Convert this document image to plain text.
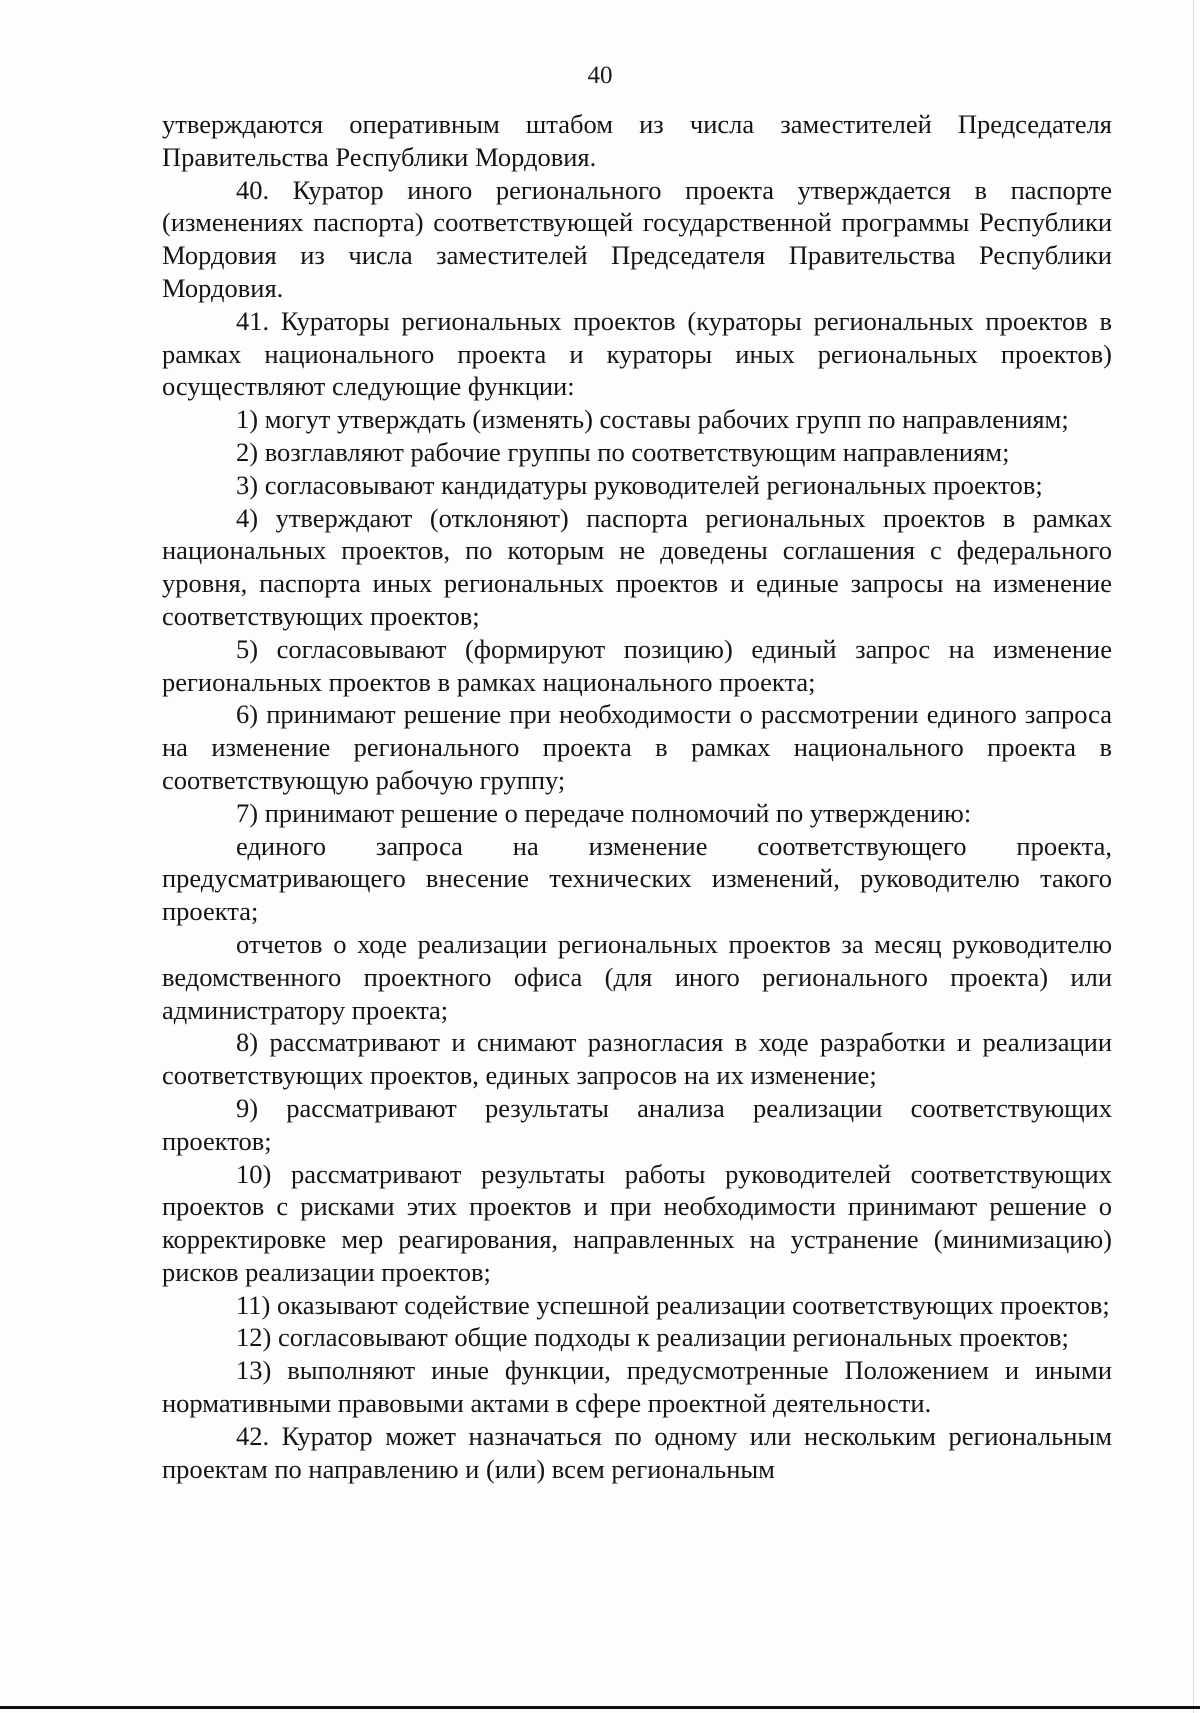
40

утверждаются оперативным штабом из числа заместителей Председателя Правительства Республики Мордовия.

40. Куратор иного регионального проекта утверждается в паспорте (изменениях паспорта) соответствующей государственной программы Республики Мордовия из числа заместителей Председателя Правительства Республики Мордовия.

41. Кураторы региональных проектов (кураторы региональных проектов в рамках национального проекта и кураторы иных региональных проектов) осуществляют следующие функции:

1) могут утверждать (изменять) составы рабочих групп по направлениям;

2) возглавляют рабочие группы по соответствующим направлениям;

3) согласовывают кандидатуры руководителей региональных проектов;

4) утверждают (отклоняют) паспорта региональных проектов в рамках национальных проектов, по которым не доведены соглашения с федерального уровня, паспорта иных региональных проектов и единые запросы на изменение соответствующих проектов;

5) согласовывают (формируют позицию) единый запрос на изменение региональных проектов в рамках национального проекта;

6) принимают решение при необходимости о рассмотрении единого запроса на изменение регионального проекта в рамках национального проекта в соответствующую рабочую группу;

7) принимают решение о передаче полномочий по утверждению:

единого запроса на изменение соответствующего проекта, предусматривающего внесение технических изменений, руководителю такого проекта;

отчетов о ходе реализации региональных проектов за месяц руководителю ведомственного проектного офиса (для иного регионального проекта) или администратору проекта;

8) рассматривают и снимают разногласия в ходе разработки и реализации соответствующих проектов, единых запросов на их изменение;

9) рассматривают результаты анализа реализации соответствующих проектов;

10) рассматривают результаты работы руководителей соответствующих проектов с рисками этих проектов и при необходимости принимают решение о корректировке мер реагирования, направленных на устранение (минимизацию) рисков реализации проектов;

11) оказывают содействие успешной реализации соответствующих проектов;

12) согласовывают общие подходы к реализации региональных проектов;

13) выполняют иные функции, предусмотренные Положением и иными нормативными правовыми актами в сфере проектной деятельности.

42. Куратор может назначаться по одному или нескольким региональным проектам по направлению и (или) всем региональным
